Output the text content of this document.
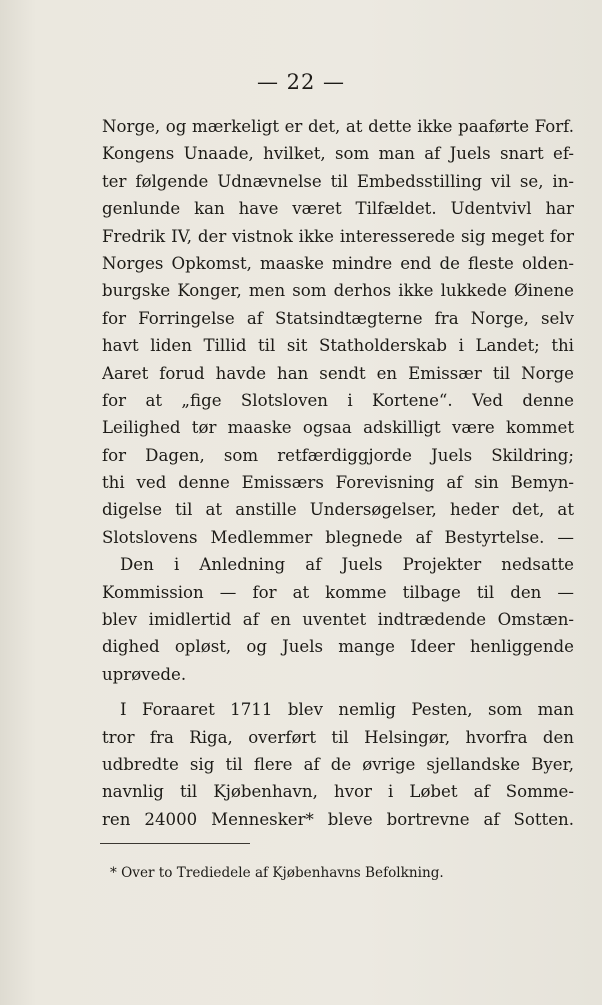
— 22 —
Norge, og mærkeligt er det, at dette ikke paaførte Forf.
Kongens Unaade, hvilket, som man af Juels snart ef-
ter følgende Udnævnelse til Embedsstilling vil se, in-
genlunde kan have været Tilfældet. Udentvivl har
Fredrik IV, der vistnok ikke interesserede sig meget for
Norges Opkomst, maaske mindre end de fleste olden-
burgske Konger, men som derhos ikke lukkede Øinene
for Forringelse af Statsindtægterne fra Norge, selv
havt liden Tillid til sit Statholderskab i Landet; thi
Aaret forud havde han sendt en Emissær til Norge
for at „fige Slotsloven i Kortene“. Ved denne
Leilighed tør maaske ogsaa adskilligt være kommet
for Dagen, som retfærdiggjorde Juels Skildring;
thi ved denne Emissærs Forevisning af sin Bemyn-
digelse til at anstille Undersøgelser, heder det, at
Slotslovens Medlemmer blegnede af Bestyrtelse. —
Den i Anledning af Juels Projekter nedsatte
Kommission — for at komme tilbage til den —
blev imidlertid af en uventet indtrædende Omstæn-
dighed opløst, og Juels mange Ideer henliggende
uprøvede.
I Foraaret 1711 blev nemlig Pesten, som man
tror fra Riga, overført til Helsingør, hvorfra den
udbredte sig til flere af de øvrige sjellandske Byer,
navnlig til Kjøbenhavn, hvor i Løbet af Somme-
ren 24000 Mennesker* bleve bortrevne af Sotten.
* Over to Trediedele af Kjøbenhavns Befolkning.
